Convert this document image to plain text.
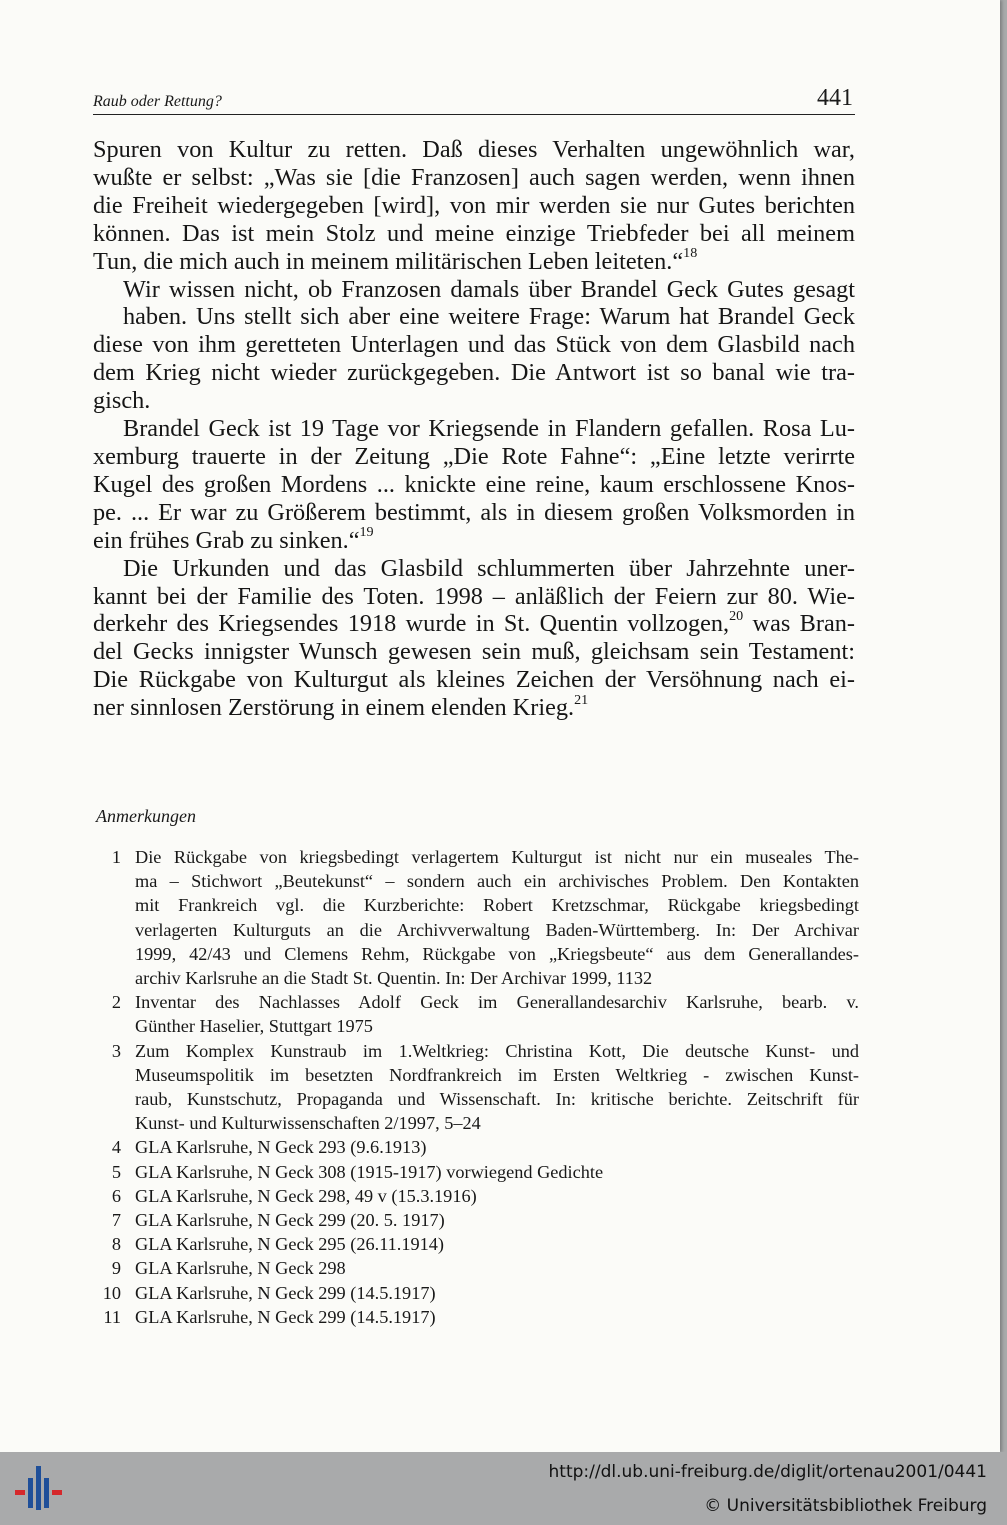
Raub oder Rettung?	441

Spuren von Kultur zu retten. Daß dieses Verhalten ungewöhnlich war,
wußte er selbst: „Was sie [die Franzosen] auch sagen werden, wenn ihnen
die Freiheit wiedergegeben [wird], von mir werden sie nur Gutes berichten
können. Das ist mein Stolz und meine einzige Triebfeder bei all meinem
Tun, die mich auch in meinem militärischen Leben leiteten.“$^{18}$

Wir wissen nicht, ob Franzosen damals über Brandel Geck Gutes gesagt
haben. Uns stellt sich aber eine weitere Frage: Warum hat Brandel Geck
diese von ihm geretteten Unterlagen und das Stück von dem Glasbild nach
dem Krieg nicht wieder zurückgegeben. Die Antwort ist so banal wie tra-
gisch.

Brandel Geck ist 19 Tage vor Kriegsende in Flandern gefallen. Rosa Lu-
xemburg trauerte in der Zeitung „Die Rote Fahne“: „Eine letzte verirrte
Kugel des großen Mordens ... knickte eine reine, kaum erschlossene Knos-
pe. ... Er war zu Größerem bestimmt, als in diesem großen Volksmorden in
ein frühes Grab zu sinken.“$^{19}$

Die Urkunden und das Glasbild schlummerten über Jahrzehnte uner-
kannt bei der Familie des Toten. 1998 – anläßlich der Feiern zur 80. Wie-
derkehr des Kriegsendes 1918 wurde in St. Quentin vollzogen,$^{20}$ was Bran-
del Gecks innigster Wunsch gewesen sein muß, gleichsam sein Testament:
Die Rückgabe von Kulturgut als kleines Zeichen der Versöhnung nach ei-
ner sinnlosen Zerstörung in einem elenden Krieg.$^{21}$

Anmerkungen
1 Die Rückgabe von kriegsbedingt verlagertem Kulturgut ist nicht nur ein museales The-
ma – Stichwort „Beutekunst“ – sondern auch ein archivisches Problem. Den Kontakten
mit Frankreich vgl. die Kurzberichte: Robert Kretzschmar, Rückgabe kriegsbedingt
verlagerten Kulturguts an die Archivverwaltung Baden-Württemberg. In: Der Archivar
1999, 42/43 und Clemens Rehm, Rückgabe von „Kriegsbeute“ aus dem Generallandes-
archiv Karlsruhe an die Stadt St. Quentin. In: Der Archivar 1999, 1132
2 Inventar des Nachlasses Adolf Geck im Generallandesarchiv Karlsruhe, bearb. v.
Günther Haselier, Stuttgart 1975
3 Zum Komplex Kunstraub im 1.Weltkrieg: Christina Kott, Die deutsche Kunst- und
Museumspolitik im besetzten Nordfrankreich im Ersten Weltkrieg - zwischen Kunst-
raub, Kunstschutz, Propaganda und Wissenschaft. In: kritische berichte. Zeitschrift für
Kunst- und Kulturwissenschaften 2/1997, 5–24
4 GLA Karlsruhe, N Geck 293 (9.6.1913)
5 GLA Karlsruhe, N Geck 308 (1915-1917) vorwiegend Gedichte
6 GLA Karlsruhe, N Geck 298, 49 v (15.3.1916)
7 GLA Karlsruhe, N Geck 299 (20. 5. 1917)
8 GLA Karlsruhe, N Geck 295 (26.11.1914)
9 GLA Karlsruhe, N Geck 298
10 GLA Karlsruhe, N Geck 299 (14.5.1917)
11 GLA Karlsruhe, N Geck 299 (14.5.1917)
http://dl.ub.uni-freiburg.de/diglit/ortenau2001/0441
© Universitätsbibliothek Freiburg
